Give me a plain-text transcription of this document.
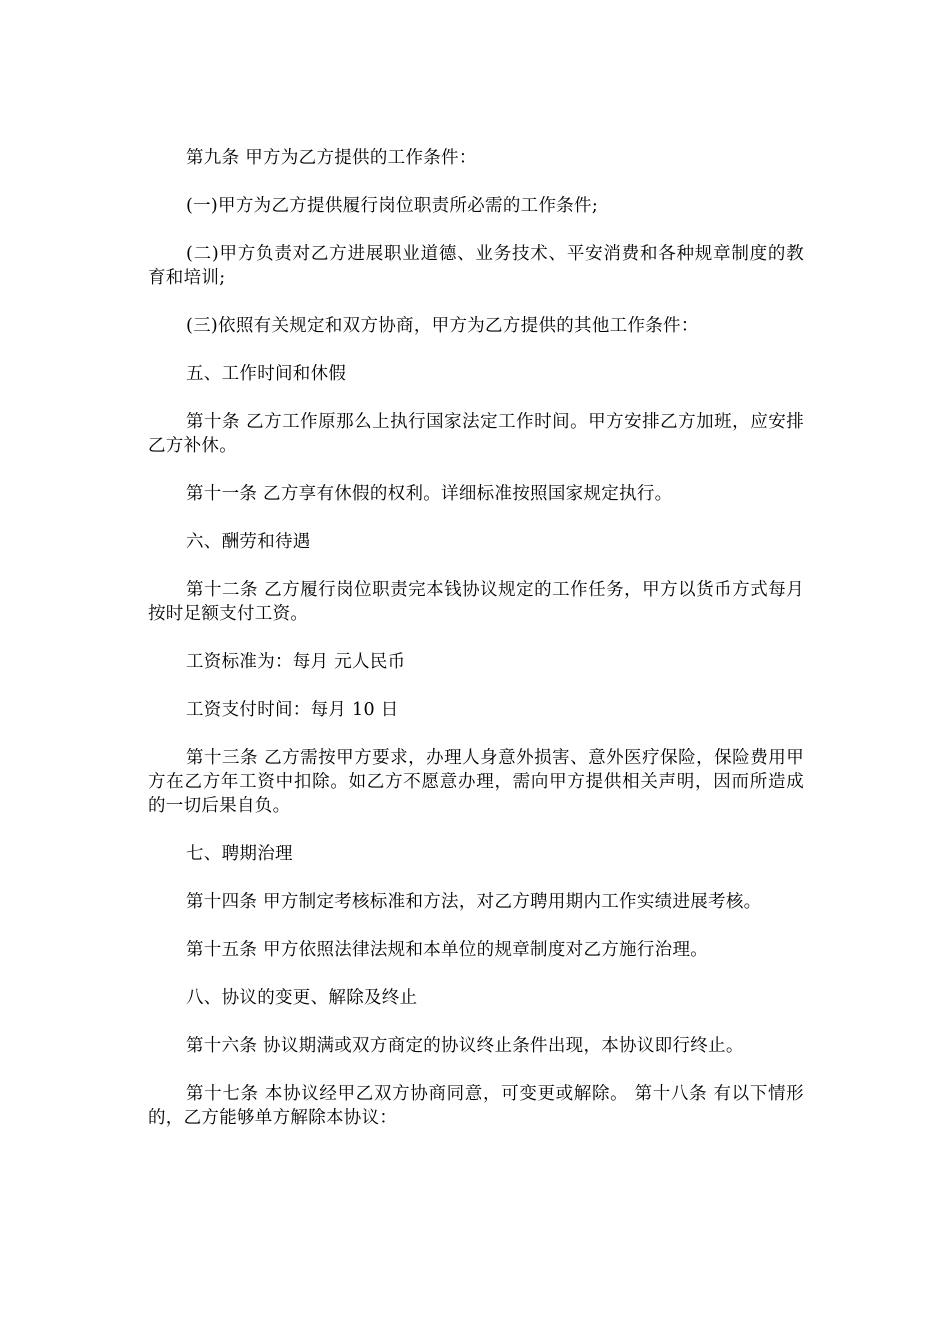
第九条 甲方为乙方提供的工作条件：

(一)甲方为乙方提供履行岗位职责所必需的工作条件;

(二)甲方负责对乙方进展职业道德、业务技术、平安消费和各种规章制度的教育和培训;

(三)依照有关规定和双方协商，甲方为乙方提供的其他工作条件：

五、工作时间和休假

第十条 乙方工作原那么上执行国家法定工作时间。甲方安排乙方加班，应安排乙方补休。

第十一条 乙方享有休假的权利。详细标准按照国家规定执行。

六、酬劳和待遇

第十二条 乙方履行岗位职责完本钱协议规定的工作任务，甲方以货币方式每月按时足额支付工资。

工资标准为：每月 元人民币

工资支付时间：每月 10 日

第十三条 乙方需按甲方要求，办理人身意外损害、意外医疗保险，保险费用甲方在乙方年工资中扣除。如乙方不愿意办理，需向甲方提供相关声明，因而所造成的一切后果自负。

七、聘期治理

第十四条 甲方制定考核标准和方法，对乙方聘用期内工作实绩进展考核。

第十五条 甲方依照法律法规和本单位的规章制度对乙方施行治理。

八、协议的变更、解除及终止

第十六条 协议期满或双方商定的协议终止条件出现，本协议即行终止。

第十七条 本协议经甲乙双方协商同意，可变更或解除。 第十八条 有以下情形的，乙方能够单方解除本协议：
